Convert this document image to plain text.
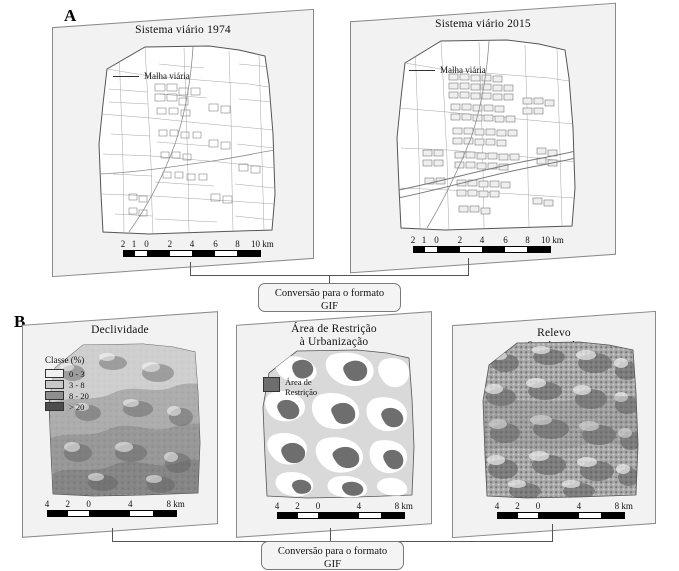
A
Sistema viário 1974
Malha viária
2 1 0 2 4 6 8 10 km
Sistema viário 2015
Malha viária
2 1 0 2 4 6 8 10 km
Conversão para o formato
GIF
B	Declividade
Classe (%)
0 - 3
3 - 8
8 - 20
> 20
4 2 0	4	8 km
Área de Restrição
à Urbanização
Área de
Restrição
4 2 0	4	8 km
Relevo
4 2 0	4	8 km
Conversão para o formato
GIF
